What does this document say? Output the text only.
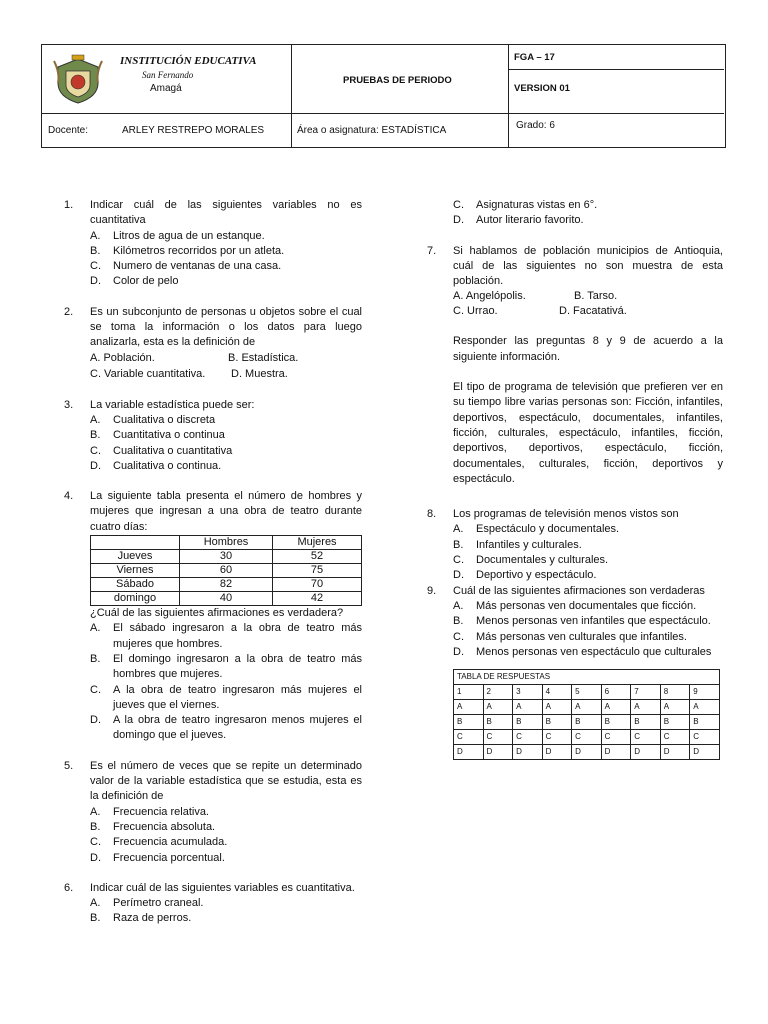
INSTITUCIÓN EDUCATIVA
San Fernando
Amagá
PRUEBAS DE PERIODO
FGA – 17
VERSION 01
Docente:	ARLEY RESTREPO MORALES	Área o asignatura: ESTADÍSTICA	Grado: 6
1. Indicar cuál de las siguientes variables no es cuantitativa
A. Litros de agua de un estanque.
B. Kilómetros recorridos por un atleta.
C. Numero de ventanas de una casa.
D. Color de pelo
2. Es un subconjunto de personas u objetos sobre el cual se toma la información o los datos para luego analizarla, esta es la definición de
A. Población.	B. Estadística.
C. Variable cuantitativa. D. Muestra.
3. La variable estadística puede ser:
A. Cualitativa o discreta
B. Cuantitativa o continua
C. Cualitativa o cuantitativa
D. Cualitativa o continua.
4. La siguiente tabla presenta el número de hombres y mujeres que ingresan a una obra de teatro durante cuatro días:
	Hombres	Mujeres
Jueves	30	52
Viernes	60	75
Sábado	82	70
domingo	40	42
¿Cuál de las siguientes afirmaciones es verdadera?
A. El sábado ingresaron a la obra de teatro más mujeres que hombres.
B. El domingo ingresaron a la obra de teatro más hombres que mujeres.
C. A la obra de teatro ingresaron más mujeres el jueves que el viernes.
D. A la obra de teatro ingresaron menos mujeres el domingo que el jueves.
5. Es el número de veces que se repite un determinado valor de la variable estadística que se estudia, esta es la definición de
A. Frecuencia relativa.
B. Frecuencia absoluta.
C. Frecuencia acumulada.
D. Frecuencia porcentual.
6. Indicar cuál de las siguientes variables es cuantitativa.
A. Perímetro craneal.
B. Raza de perros.
C. Asignaturas vistas en 6°.
D. Autor literario favorito.
7. Si hablamos de población municipios de Antioquia, cuál de las siguientes no son muestra de esta población.
A. Angelópolis.	B. Tarso.
C. Urrao.	D. Facatativá.
Responder las preguntas 8 y 9 de acuerdo a la siguiente información.
El tipo de programa de televisión que prefieren ver en su tiempo libre varias personas son: Ficción, infantiles, deportivos, espectáculo, documentales, infantiles, ficción, culturales, espectáculo, infantiles, ficción, deportivos, deportivos, espectáculo, ficción, documentales, culturales, ficción, deportivos y espectáculo.
8. Los programas de televisión menos vistos son
A. Espectáculo y documentales.
B. Infantiles y culturales.
C. Documentales y culturales.
D. Deportivo y espectáculo.
9. Cuál de las siguientes afirmaciones son verdaderas
A. Más personas ven documentales que ficción.
B. Menos personas ven infantiles que espectáculo.
C. Más personas ven culturales que infantiles.
D. Menos personas ven espectáculo que culturales
TABLA DE RESPUESTAS								
1	2	3	4	5	6	7	8	9
A	A	A	A	A	A	A	A	A
B	B	B	B	B	B	B	B	B
C	C	C	C	C	C	C	C	C
D	D	D	D	D	D	D	D	D
